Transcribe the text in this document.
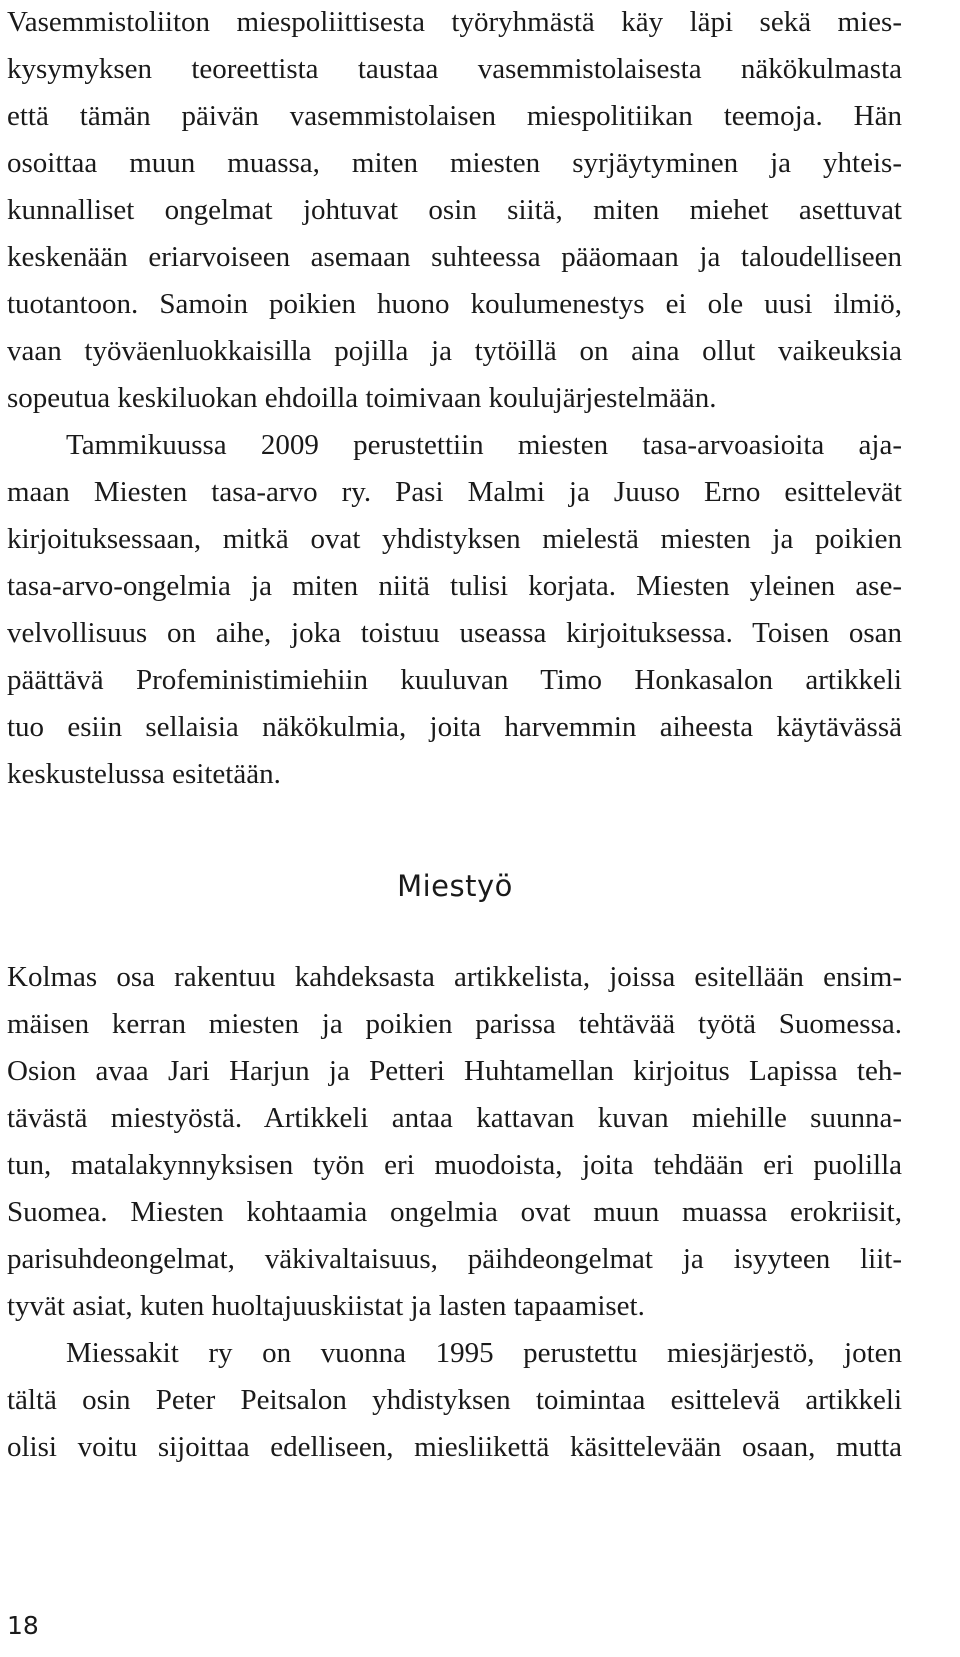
Vasemmistoliiton miespoliittisesta työryhmästä käy läpi sekä mies-

kysymyksen teoreettista taustaa vasemmistolaisesta näkökulmasta

että tämän päivän vasemmistolaisen miespolitiikan teemoja. Hän

osoittaa muun muassa, miten miesten syrjäytyminen ja yhteis-

kunnalliset ongelmat johtuvat osin siitä, miten miehet asettuvat

keskenään eriarvoiseen asemaan suhteessa pääomaan ja taloudelliseen

tuotantoon. Samoin poikien huono koulumenestys ei ole uusi ilmiö,

vaan työväenluokkaisilla pojilla ja tytöillä on aina ollut vaikeuksia

sopeutua keskiluokan ehdoilla toimivaan koulujärjestelmään.

Tammikuussa 2009 perustettiin miesten tasa-arvoasioita aja-

maan Miesten tasa-arvo ry. Pasi Malmi ja Juuso Erno esittelevät

kirjoituksessaan, mitkä ovat yhdistyksen mielestä miesten ja poikien

tasa-arvo-ongelmia ja miten niitä tulisi korjata. Miesten yleinen ase-

velvollisuus on aihe, joka toistuu useassa kirjoituksessa. Toisen osan

päättävä Profeministimiehiin kuuluvan Timo Honkasalon artikkeli

tuo esiin sellaisia näkökulmia, joita harvemmin aiheesta käytävässä

keskustelussa esitetään.

Miestyö

Kolmas osa rakentuu kahdeksasta artikkelista, joissa esitellään ensim-

mäisen kerran miesten ja poikien parissa tehtävää työtä Suomessa.

Osion avaa Jari Harjun ja Petteri Huhtamellan kirjoitus Lapissa teh-

tävästä miestyöstä. Artikkeli antaa kattavan kuvan miehille suunna-

tun, matalakynnyksisen työn eri muodoista, joita tehdään eri puolilla

Suomea. Miesten kohtaamia ongelmia ovat muun muassa erokriisit,

parisuhdeongelmat, väkivaltaisuus, päihdeongelmat ja isyyteen liit-

tyvät asiat, kuten huoltajuuskiistat ja lasten tapaamiset.

Miessakit ry on vuonna 1995 perustettu miesjärjestö, joten

tältä osin Peter Peitsalon yhdistyksen toimintaa esittelevä artikkeli

olisi voitu sijoittaa edelliseen, miesliikettä käsittelevään osaan, mutta

18
